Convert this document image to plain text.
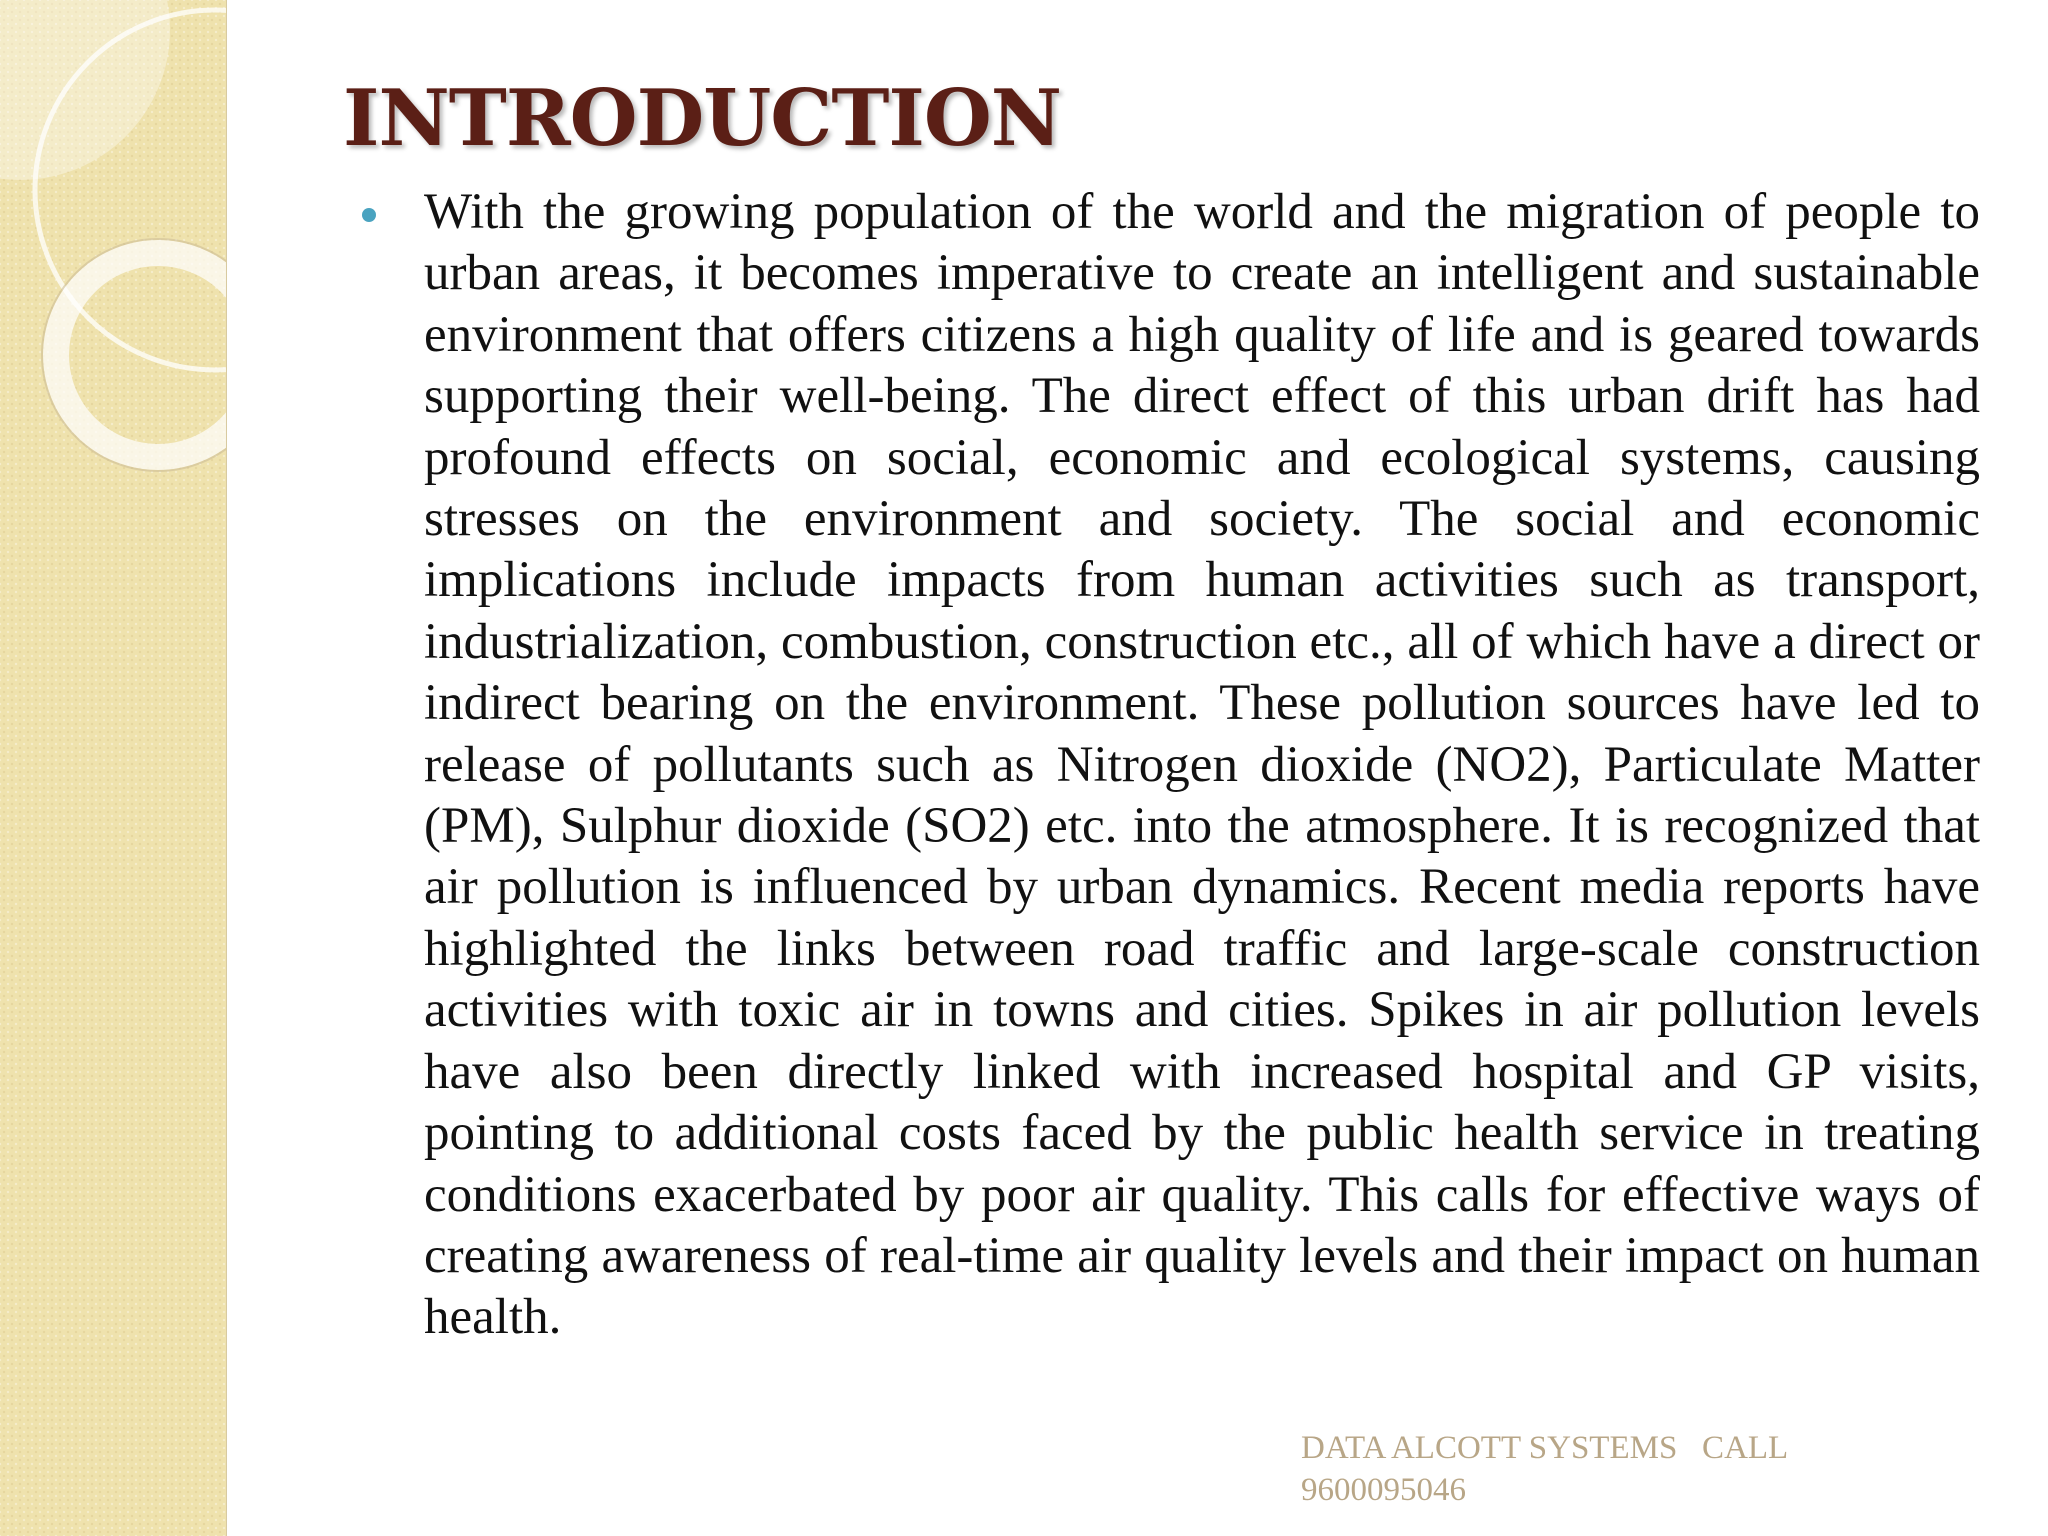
INTRODUCTION

With the growing population of the world and the migration of people to urban areas, it becomes imperative to create an intelligent and sustainable environment that offers citizens a high quality of life and is geared towards supporting their well-being. The direct effect of this urban drift has had profound effects on social, economic and ecological systems, causing stresses on the environment and society. The social and economic implications include impacts from human activities such as transport, industrialization, combustion, construction etc., all of which have a direct or indirect bearing on the environment. These pollution sources have led to release of pollutants such as Nitrogen dioxide (NO2), Particulate Matter (PM), Sulphur dioxide (SO2) etc. into the atmosphere. It is recognized that air pollution is influenced by urban dynamics. Recent media reports have highlighted the links between road traffic and large-scale construction activities with toxic air in towns and cities. Spikes in air pollution levels have also been directly linked with increased hospital and GP visits, pointing to additional costs faced by the public health service in treating conditions exacerbated by poor air quality. This calls for effective ways of creating awareness of real-time air quality levels and their impact on human health.

DATA ALCOTT SYSTEMS   CALL
9600095046
